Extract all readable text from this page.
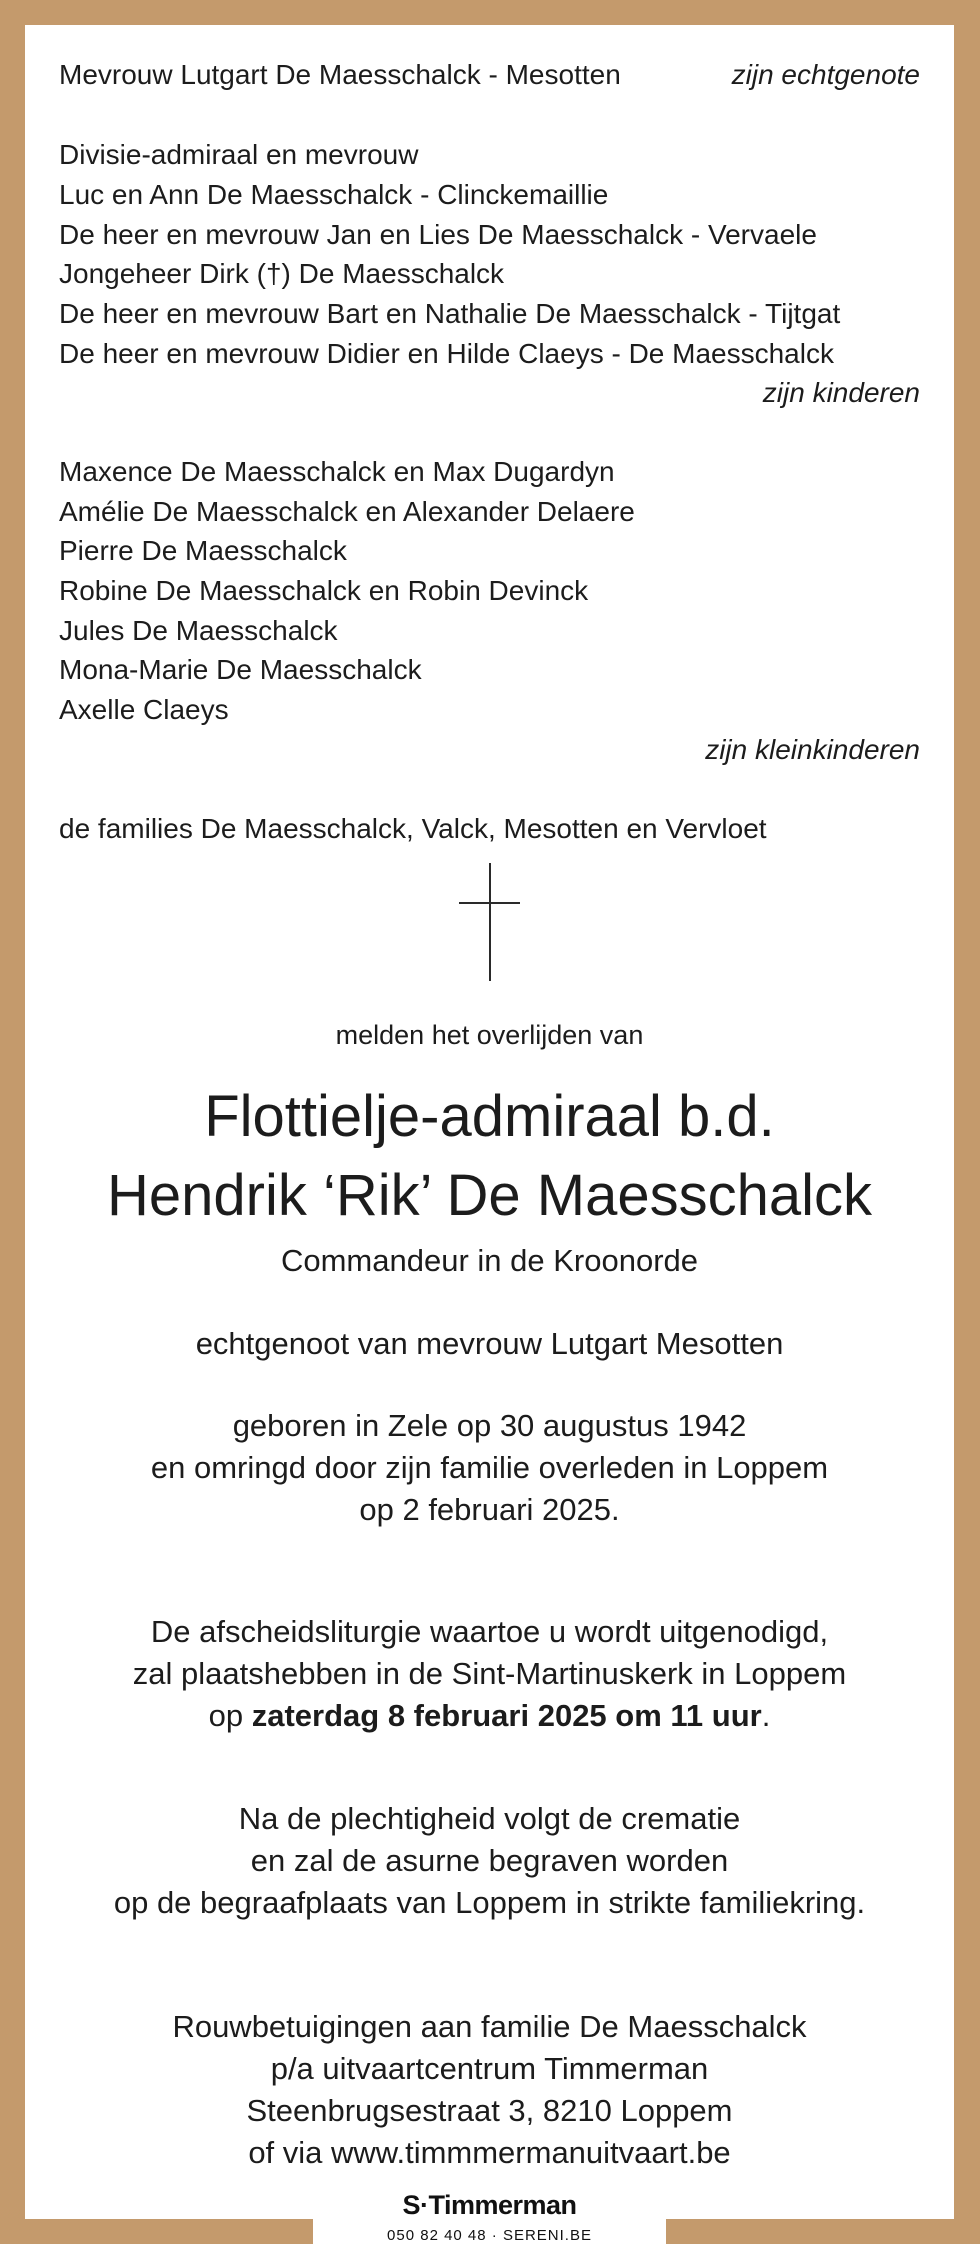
Mevrouw Lutgart De Maesschalck - Mesotten	zijn echtgenote
Divisie-admiraal en mevrouw
Luc en Ann De Maesschalck - Clinckemaillie
De heer en mevrouw Jan en Lies De Maesschalck - Vervaele
Jongeheer Dirk (†) De Maesschalck
De heer en mevrouw Bart en Nathalie De Maesschalck - Tijtgat
De heer en mevrouw Didier en Hilde Claeys - De Maesschalck
zijn kinderen
Maxence De Maesschalck en Max Dugardyn
Amélie De Maesschalck en Alexander Delaere
Pierre De Maesschalck
Robine De Maesschalck en Robin Devinck
Jules De Maesschalck
Mona-Marie De Maesschalck
Axelle Claeys
zijn kleinkinderen
de families De Maesschalck, Valck, Mesotten en Vervloet
melden het overlijden van
Flottielje-admiraal b.d.
Hendrik ‘Rik’ De Maesschalck
Commandeur in de Kroonorde
echtgenoot van mevrouw Lutgart Mesotten
geboren in Zele op 30 augustus 1942
en omringd door zijn familie overleden in Loppem
op 2 februari 2025.
De afscheidsliturgie waartoe u wordt uitgenodigd,
zal plaatshebben in de Sint-Martinuskerk in Loppem
op zaterdag 8 februari 2025 om 11 uur.
Na de plechtigheid volgt de crematie
en zal de asurne begraven worden
op de begraafplaats van Loppem in strikte familiekring.
Rouwbetuigingen aan familie De Maesschalck
p/a uitvaartcentrum Timmerman
Steenbrugsestraat 3, 8210 Loppem
of via www.timmmermanuitvaart.be
S·Timmerman
050 82 40 48 · SERENI.BE
